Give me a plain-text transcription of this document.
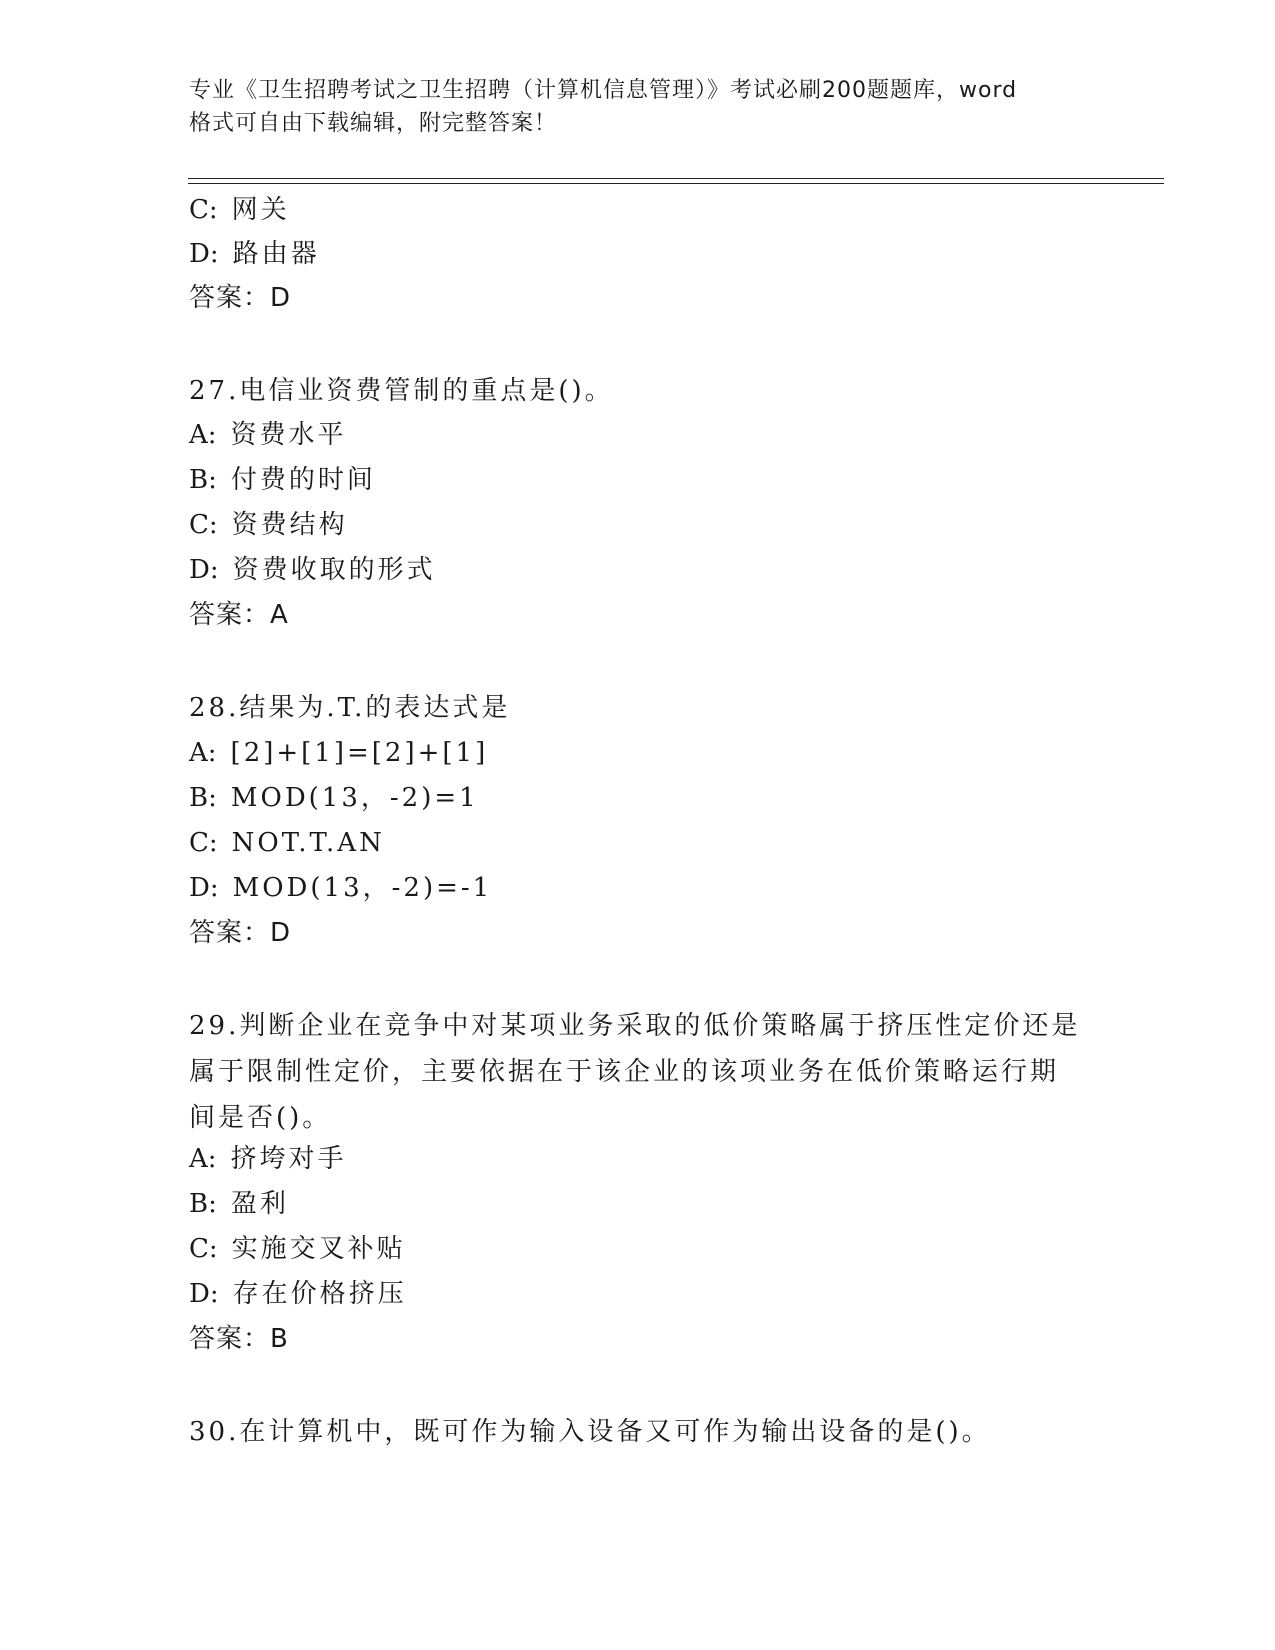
专业《卫生招聘考试之卫生招聘（计算机信息管理）》考试必刷200题题库，word
格式可自由下载编辑，附完整答案！
C: 网关
D: 路由器
答案：D
27.电信业资费管制的重点是()。
A: 资费水平
B: 付费的时间
C: 资费结构
D: 资费收取的形式
答案：A
28.结果为.T.的表达式是
A: [2]+[1]=[2]+[1]
B: MOD(13，-2)=1
C: NOT.T.AN
D: MOD(13，-2)=-1
答案：D
29.判断企业在竞争中对某项业务采取的低价策略属于挤压性定价还是
属于限制性定价，主要依据在于该企业的该项业务在低价策略运行期
间是否()。
A: 挤垮对手
B: 盈利
C: 实施交叉补贴
D: 存在价格挤压
答案：B
30.在计算机中，既可作为输入设备又可作为输出设备的是()。
